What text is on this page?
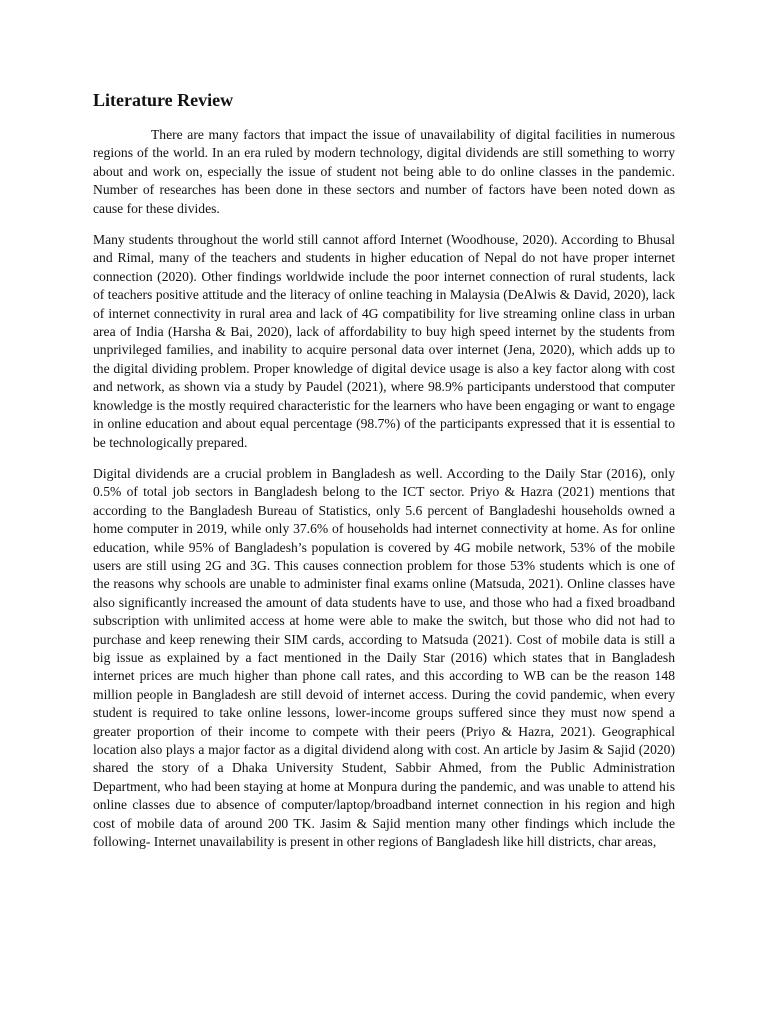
Literature Review

There are many factors that impact the issue of unavailability of digital facilities in numerous regions of the world. In an era ruled by modern technology, digital dividends are still something to worry about and work on, especially the issue of student not being able to do online classes in the pandemic. Number of researches has been done in these sectors and number of factors have been noted down as cause for these divides.

Many students throughout the world still cannot afford Internet (Woodhouse, 2020). According to Bhusal and Rimal, many of the teachers and students in higher education of Nepal do not have proper internet connection (2020). Other findings worldwide include the poor internet connection of rural students, lack of teachers positive attitude and the literacy of online teaching in Malaysia (DeAlwis & David, 2020), lack of internet connectivity in rural area and lack of 4G compatibility for live streaming online class in urban area of India (Harsha & Bai, 2020), lack of affordability to buy high speed internet by the students from unprivileged families, and inability to acquire personal data over internet (Jena, 2020), which adds up to the digital dividing problem. Proper knowledge of digital device usage is also a key factor along with cost and network, as shown via a study by Paudel (2021), where 98.9% participants understood that computer knowledge is the mostly required characteristic for the learners who have been engaging or want to engage in online education and about equal percentage (98.7%) of the participants expressed that it is essential to be technologically prepared.

Digital dividends are a crucial problem in Bangladesh as well. According to the Daily Star (2016), only 0.5% of total job sectors in Bangladesh belong to the ICT sector. Priyo & Hazra (2021) mentions that according to the Bangladesh Bureau of Statistics, only 5.6 percent of Bangladeshi households owned a home computer in 2019, while only 37.6% of households had internet connectivity at home. As for online education, while 95% of Bangladesh’s population is covered by 4G mobile network, 53% of the mobile users are still using 2G and 3G. This causes connection problem for those 53% students which is one of the reasons why schools are unable to administer final exams online (Matsuda, 2021). Online classes have also significantly increased the amount of data students have to use, and those who had a fixed broadband subscription with unlimited access at home were able to make the switch, but those who did not had to purchase and keep renewing their SIM cards, according to Matsuda (2021). Cost of mobile data is still a big issue as explained by a fact mentioned in the Daily Star (2016) which states that in Bangladesh internet prices are much higher than phone call rates, and this according to WB can be the reason 148 million people in Bangladesh are still devoid of internet access. During the covid pandemic, when every student is required to take online lessons, lower-income groups suffered since they must now spend a greater proportion of their income to compete with their peers (Priyo & Hazra, 2021). Geographical location also plays a major factor as a digital dividend along with cost. An article by Jasim & Sajid (2020) shared the story of a Dhaka University Student, Sabbir Ahmed, from the Public Administration Department, who had been staying at home at Monpura during the pandemic, and was unable to attend his online classes due to absence of computer/laptop/broadband internet connection in his region and high cost of mobile data of around 200 TK. Jasim & Sajid mention many other findings which include the following- Internet unavailability is present in other regions of Bangladesh like hill districts, char areas,
